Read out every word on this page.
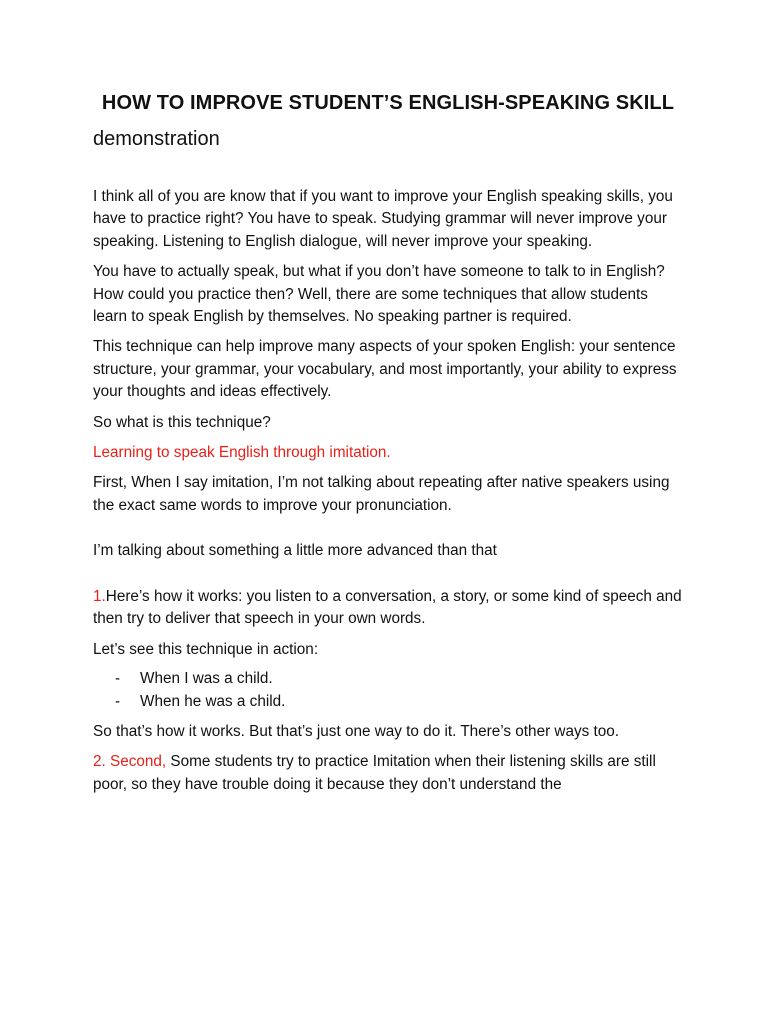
HOW TO IMPROVE STUDENT’S ENGLISH-SPEAKING SKILL

demonstration

I think all of you are know that if you want to improve your English speaking skills, you have to practice right? You have to speak. Studying grammar will never improve your speaking. Listening to English dialogue, will never improve your speaking.

You have to actually speak, but what if you don’t have someone to talk to in English? How could you practice then? Well, there are some techniques that allow students learn to speak English by themselves. No speaking partner is required.

This technique can help improve many aspects of your spoken English: your sentence structure, your grammar, your vocabulary, and most importantly, your ability to express your thoughts and ideas effectively.

So what is this technique?

Learning to speak English through imitation.

First, When I say imitation, I’m not talking about repeating after native speakers using the exact same words to improve your pronunciation.

I’m talking about something a little more advanced than that

1.Here’s how it works: you listen to a conversation, a story, or some kind of speech and then try to deliver that speech in your own words.

Let’s see this technique in action:

- When I was a child.
- When he was a child.

So that’s how it works. But that’s just one way to do it. There’s other ways too.

2. Second, Some students try to practice Imitation when their listening skills are still poor, so they have trouble doing it because they don’t understand the
